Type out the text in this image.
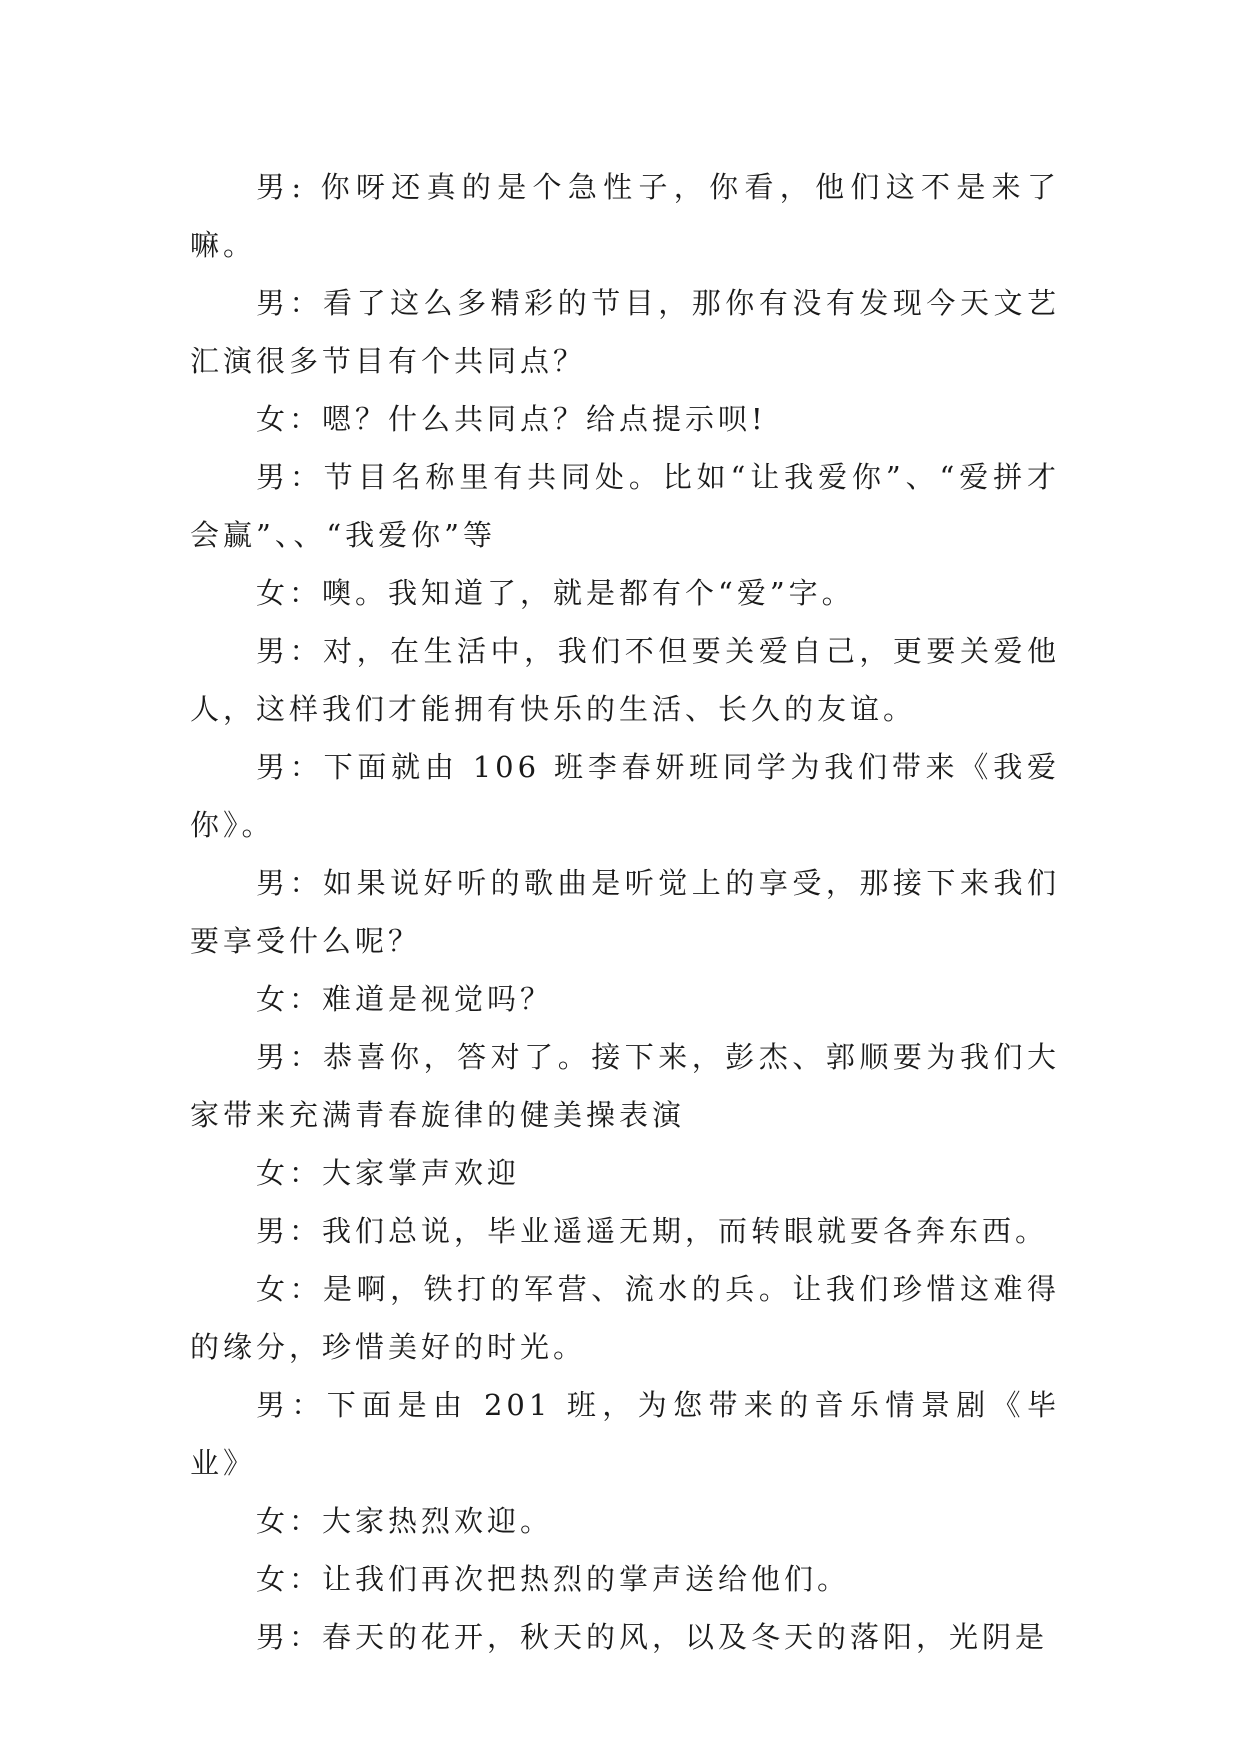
男: 你呀还真的是个急性子，你看，他们这不是来了嘛。

男：看了这么多精彩的节目，那你有没有发现今天文艺汇演很多节目有个共同点？

女：嗯？什么共同点？给点提示呗!

男：节目名称里有共同处。比如“让我爱你”、“爱拼才会赢”、、“我爱你”等

女：噢。我知道了，就是都有个“爱”字。

男：对，在生活中，我们不但要关爱自己，更要关爱他人，这样我们才能拥有快乐的生活、长久的友谊。

男：下面就由 106 班李春妍班同学为我们带来《我爱你》。

男：如果说好听的歌曲是听觉上的享受，那接下来我们要享受什么呢？

女：难道是视觉吗？

男：恭喜你，答对了。接下来，彭杰、郭顺要为我们大家带来充满青春旋律的健美操表演

女：大家掌声欢迎

男：我们总说，毕业遥遥无期，而转眼就要各奔东西。

女：是啊，铁打的军营、流水的兵。让我们珍惜这难得的缘分，珍惜美好的时光。

男：下面是由 201 班，为您带来的音乐情景剧《毕业》

女：大家热烈欢迎。

女：让我们再次把热烈的掌声送给他们。

男：春天的花开，秋天的风，以及冬天的落阳，光阴是
